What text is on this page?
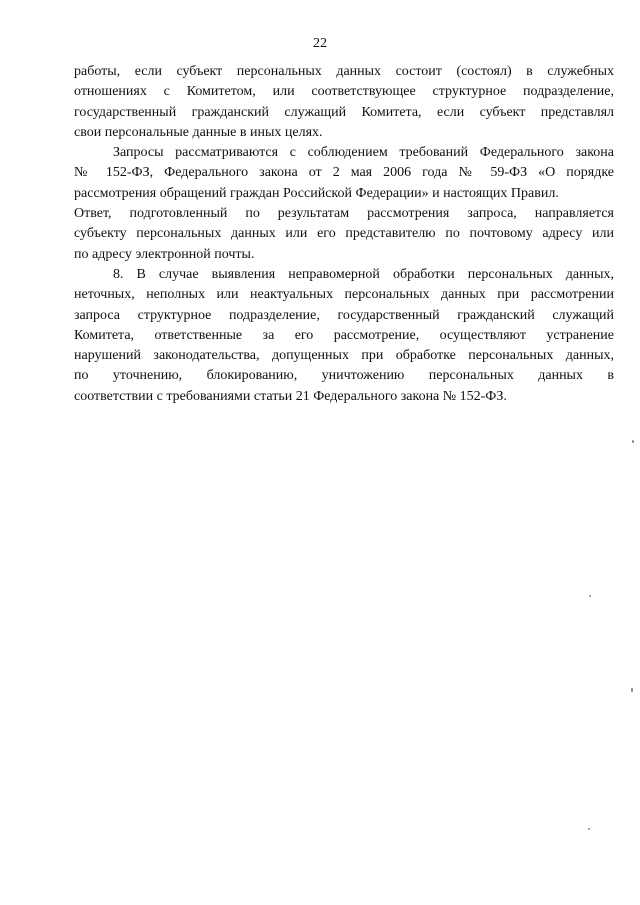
22

работы, если субъект персональных данных состоит (состоял) в служебных
отношениях с Комитетом, или соответствующее структурное подразделение,
государственный гражданский служащий Комитета, если субъект представлял
свои персональные данные в иных целях.

Запросы рассматриваются с соблюдением требований Федерального закона
№ 152-ФЗ, Федерального закона от 2 мая 2006 года № 59-ФЗ «О порядке
рассмотрения обращений граждан Российской Федерации» и настоящих Правил.

Ответ, подготовленный по результатам рассмотрения запроса, направляется
субъекту персональных данных или его представителю по почтовому адресу или
по адресу электронной почты.

8. В случае выявления неправомерной обработки персональных данных,
неточных, неполных или неактуальных персональных данных при рассмотрении
запроса структурное подразделение, государственный гражданский служащий
Комитета, ответственные за его рассмотрение, осуществляют устранение
нарушений законодательства, допущенных при обработке персональных данных,
по уточнению, блокированию, уничтожению персональных данных в
соответствии с требованиями статьи 21 Федерального закона № 152-ФЗ.
